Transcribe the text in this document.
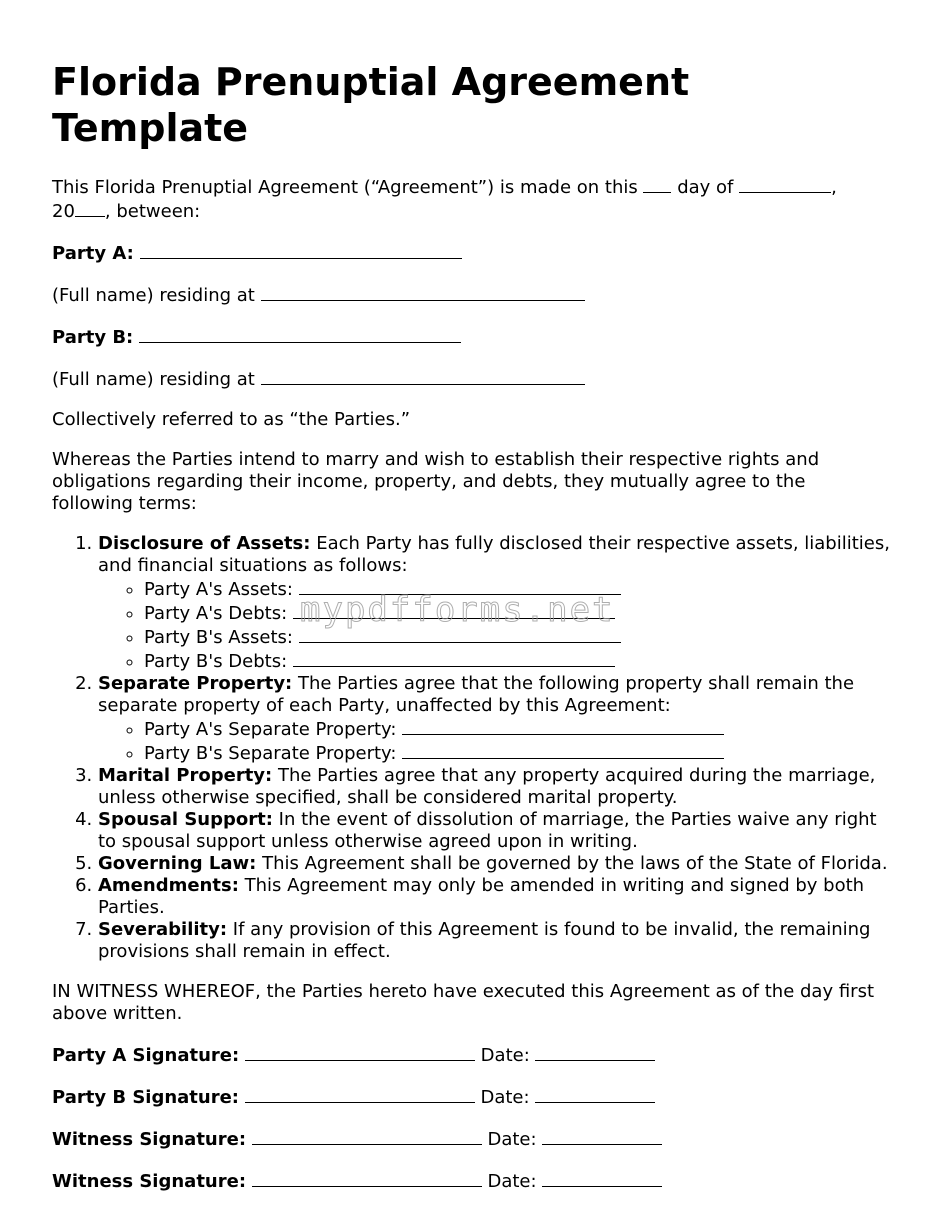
Florida Prenuptial Agreement Template

This Florida Prenuptial Agreement (“Agreement”) is made on this  day of	,
20 , between:

Party A:

(Full name) residing at

Party B:

(Full name) residing at

Collectively referred to as “the Parties.”

Whereas the Parties intend to marry and wish to establish their respective rights and obligations regarding their income, property, and debts, they mutually agree to the following terms:

1. Disclosure of Assets: Each Party has fully disclosed their respective assets, liabilities, and financial situations as follows:
◦ Party A's Assets:
◦ Party A's Debts:
◦ Party B's Assets:
◦ Party B's Debts:
2. Separate Property: The Parties agree that the following property shall remain the separate property of each Party, unaffected by this Agreement:
◦ Party A's Separate Property:
◦ Party B's Separate Property:
3. Marital Property: The Parties agree that any property acquired during the marriage, unless otherwise specified, shall be considered marital property.
4. Spousal Support: In the event of dissolution of marriage, the Parties waive any right to spousal support unless otherwise agreed upon in writing.
5. Governing Law: This Agreement shall be governed by the laws of the State of Florida.
6. Amendments: This Agreement may only be amended in writing and signed by both Parties.
7. Severability: If any provision of this Agreement is found to be invalid, the remaining provisions shall remain in effect.

IN WITNESS WHEREOF, the Parties hereto have executed this Agreement as of the day first above written.

Party A Signature:	Date:

Party B Signature:	Date:

Witness Signature:	Date:

Witness Signature:	Date:

mypdfforms.net
